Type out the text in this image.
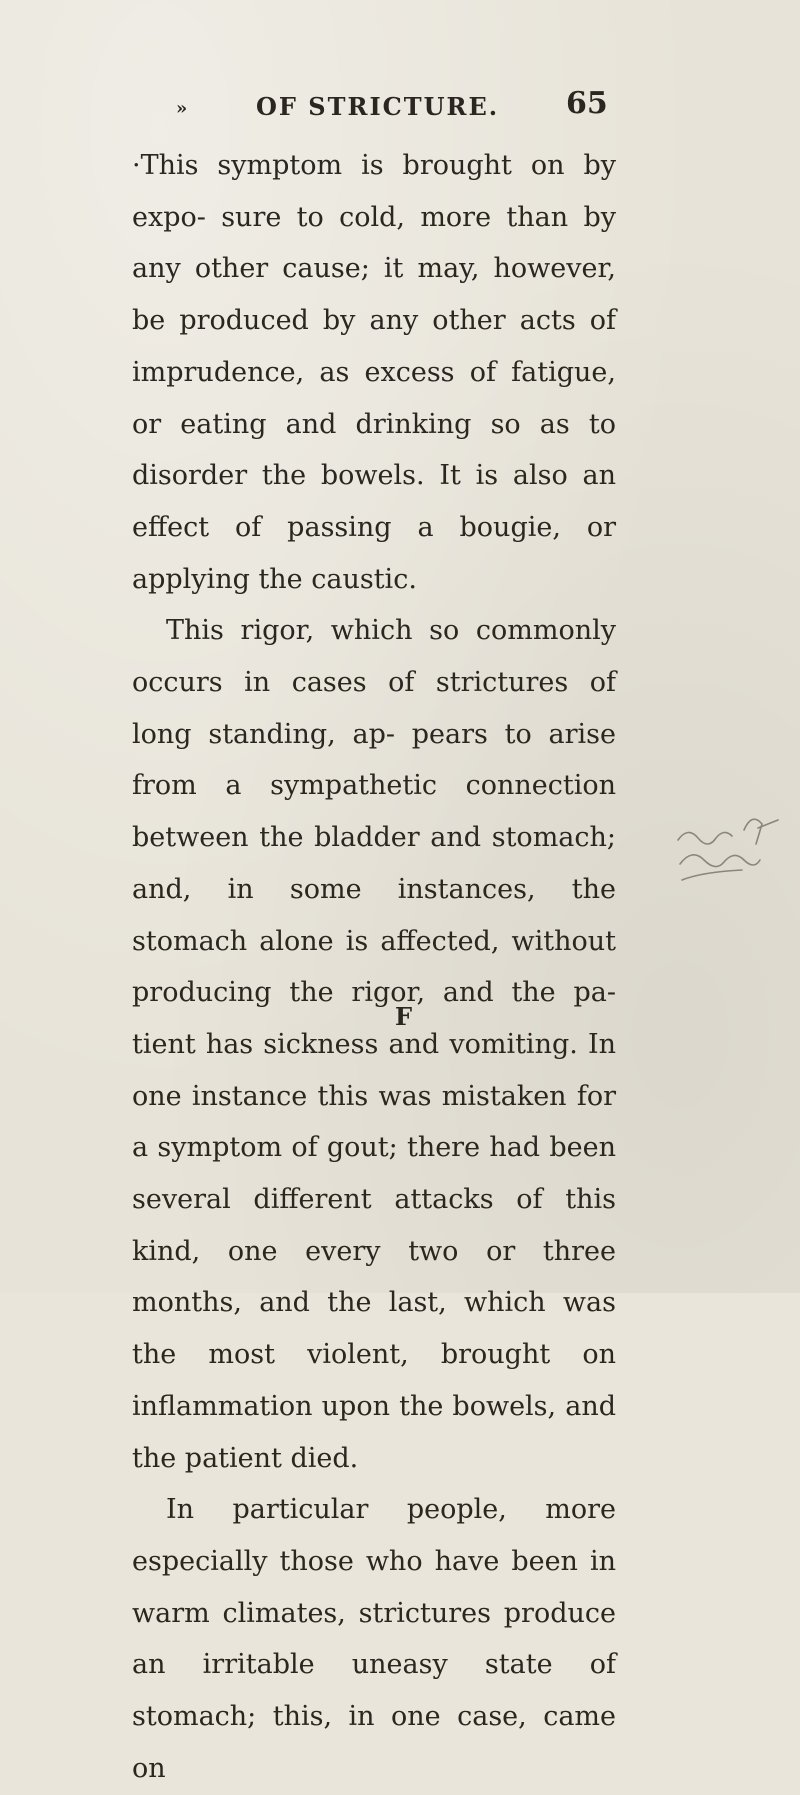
»	OF STRICTURE. 65

·This symptom is brought on by expo- sure to cold, more than by any other cause; it may, however, be produced by any other acts of imprudence, as excess of fatigue, or eating and drinking so as to disorder the bowels. It is also an effect of passing a bougie, or applying the caustic.

This rigor, which so commonly occurs in cases of strictures of long standing, ap- pears to arise from a sympathetic connection between the bladder and stomach; and, in some instances, the stomach alone is affected, without producing the rigor, and the pa- tient has sickness and vomiting. In one instance this was mistaken for a symptom of gout; there had been several different attacks of this kind, one every two or three months, and the last, which was the most violent, brought on inflammation upon the bowels, and the patient died.

In particular people, more especially those who have been in warm climates, strictures produce an irritable uneasy state of stomach; this, in one case, came on

F
